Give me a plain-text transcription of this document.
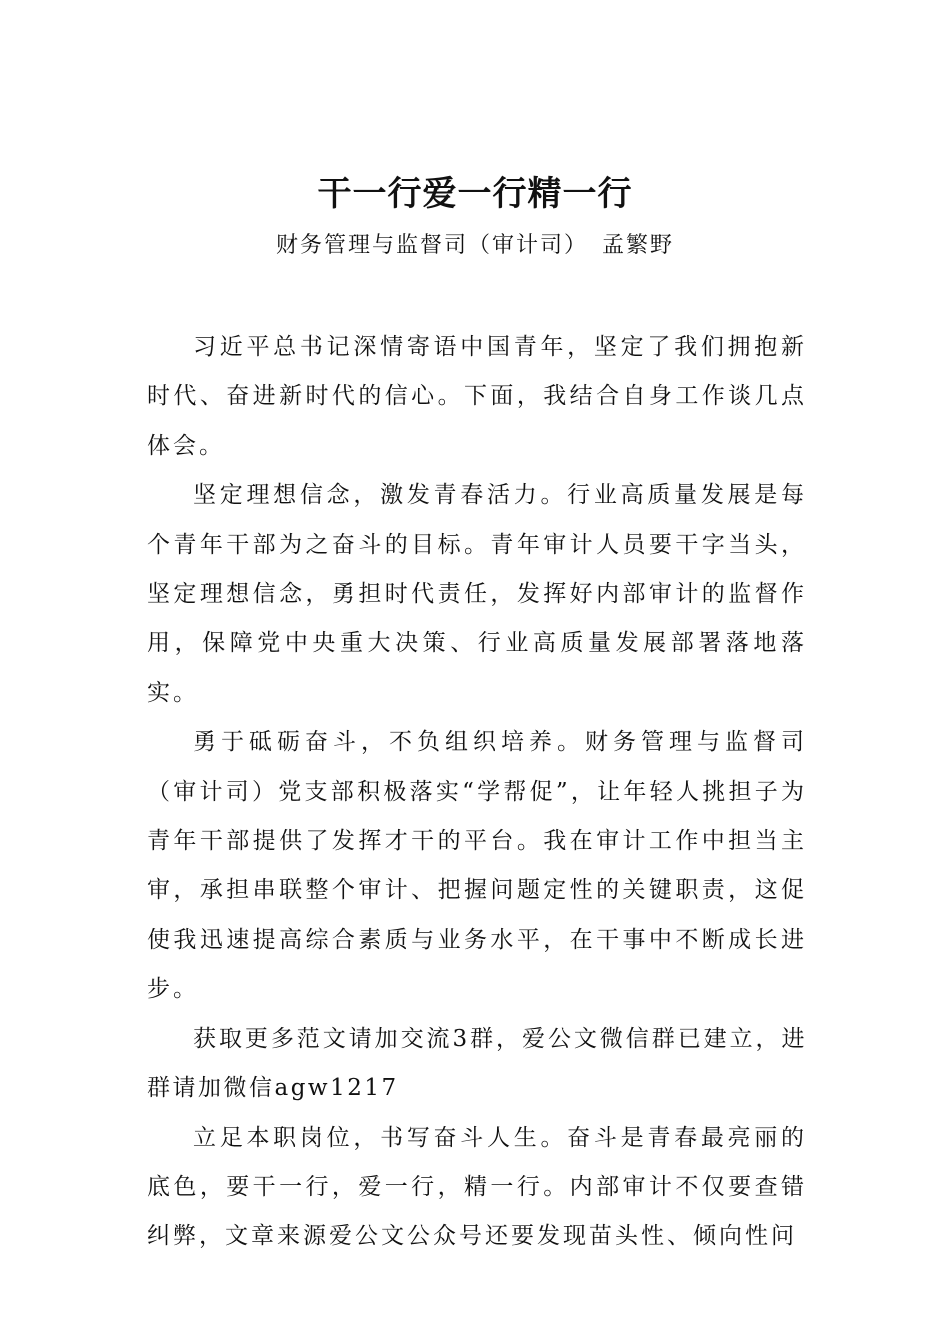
干一行爱一行精一行

财务管理与监督司（审计司） 孟繁野

习近平总书记深情寄语中国青年，坚定了我们拥抱新时代、奋进新时代的信心。下面，我结合自身工作谈几点体会。

坚定理想信念，激发青春活力。行业高质量发展是每个青年干部为之奋斗的目标。青年审计人员要干字当头，坚定理想信念，勇担时代责任，发挥好内部审计的监督作用，保障党中央重大决策、行业高质量发展部署落地落实。

勇于砥砺奋斗，不负组织培养。财务管理与监督司（审计司）党支部积极落实“学帮促”，让年轻人挑担子为青年干部提供了发挥才干的平台。我在审计工作中担当主审，承担串联整个审计、把握问题定性的关键职责，这促使我迅速提高综合素质与业务水平，在干事中不断成长进步。

获取更多范文请加交流3群，爱公文微信群已建立，进群请加微信agw1217

立足本职岗位，书写奋斗人生。奋斗是青春最亮丽的底色，要干一行，爱一行，精一行。内部审计不仅要查错纠弊，文章来源爱公文公众号还要发现苗头性、倾向性问
